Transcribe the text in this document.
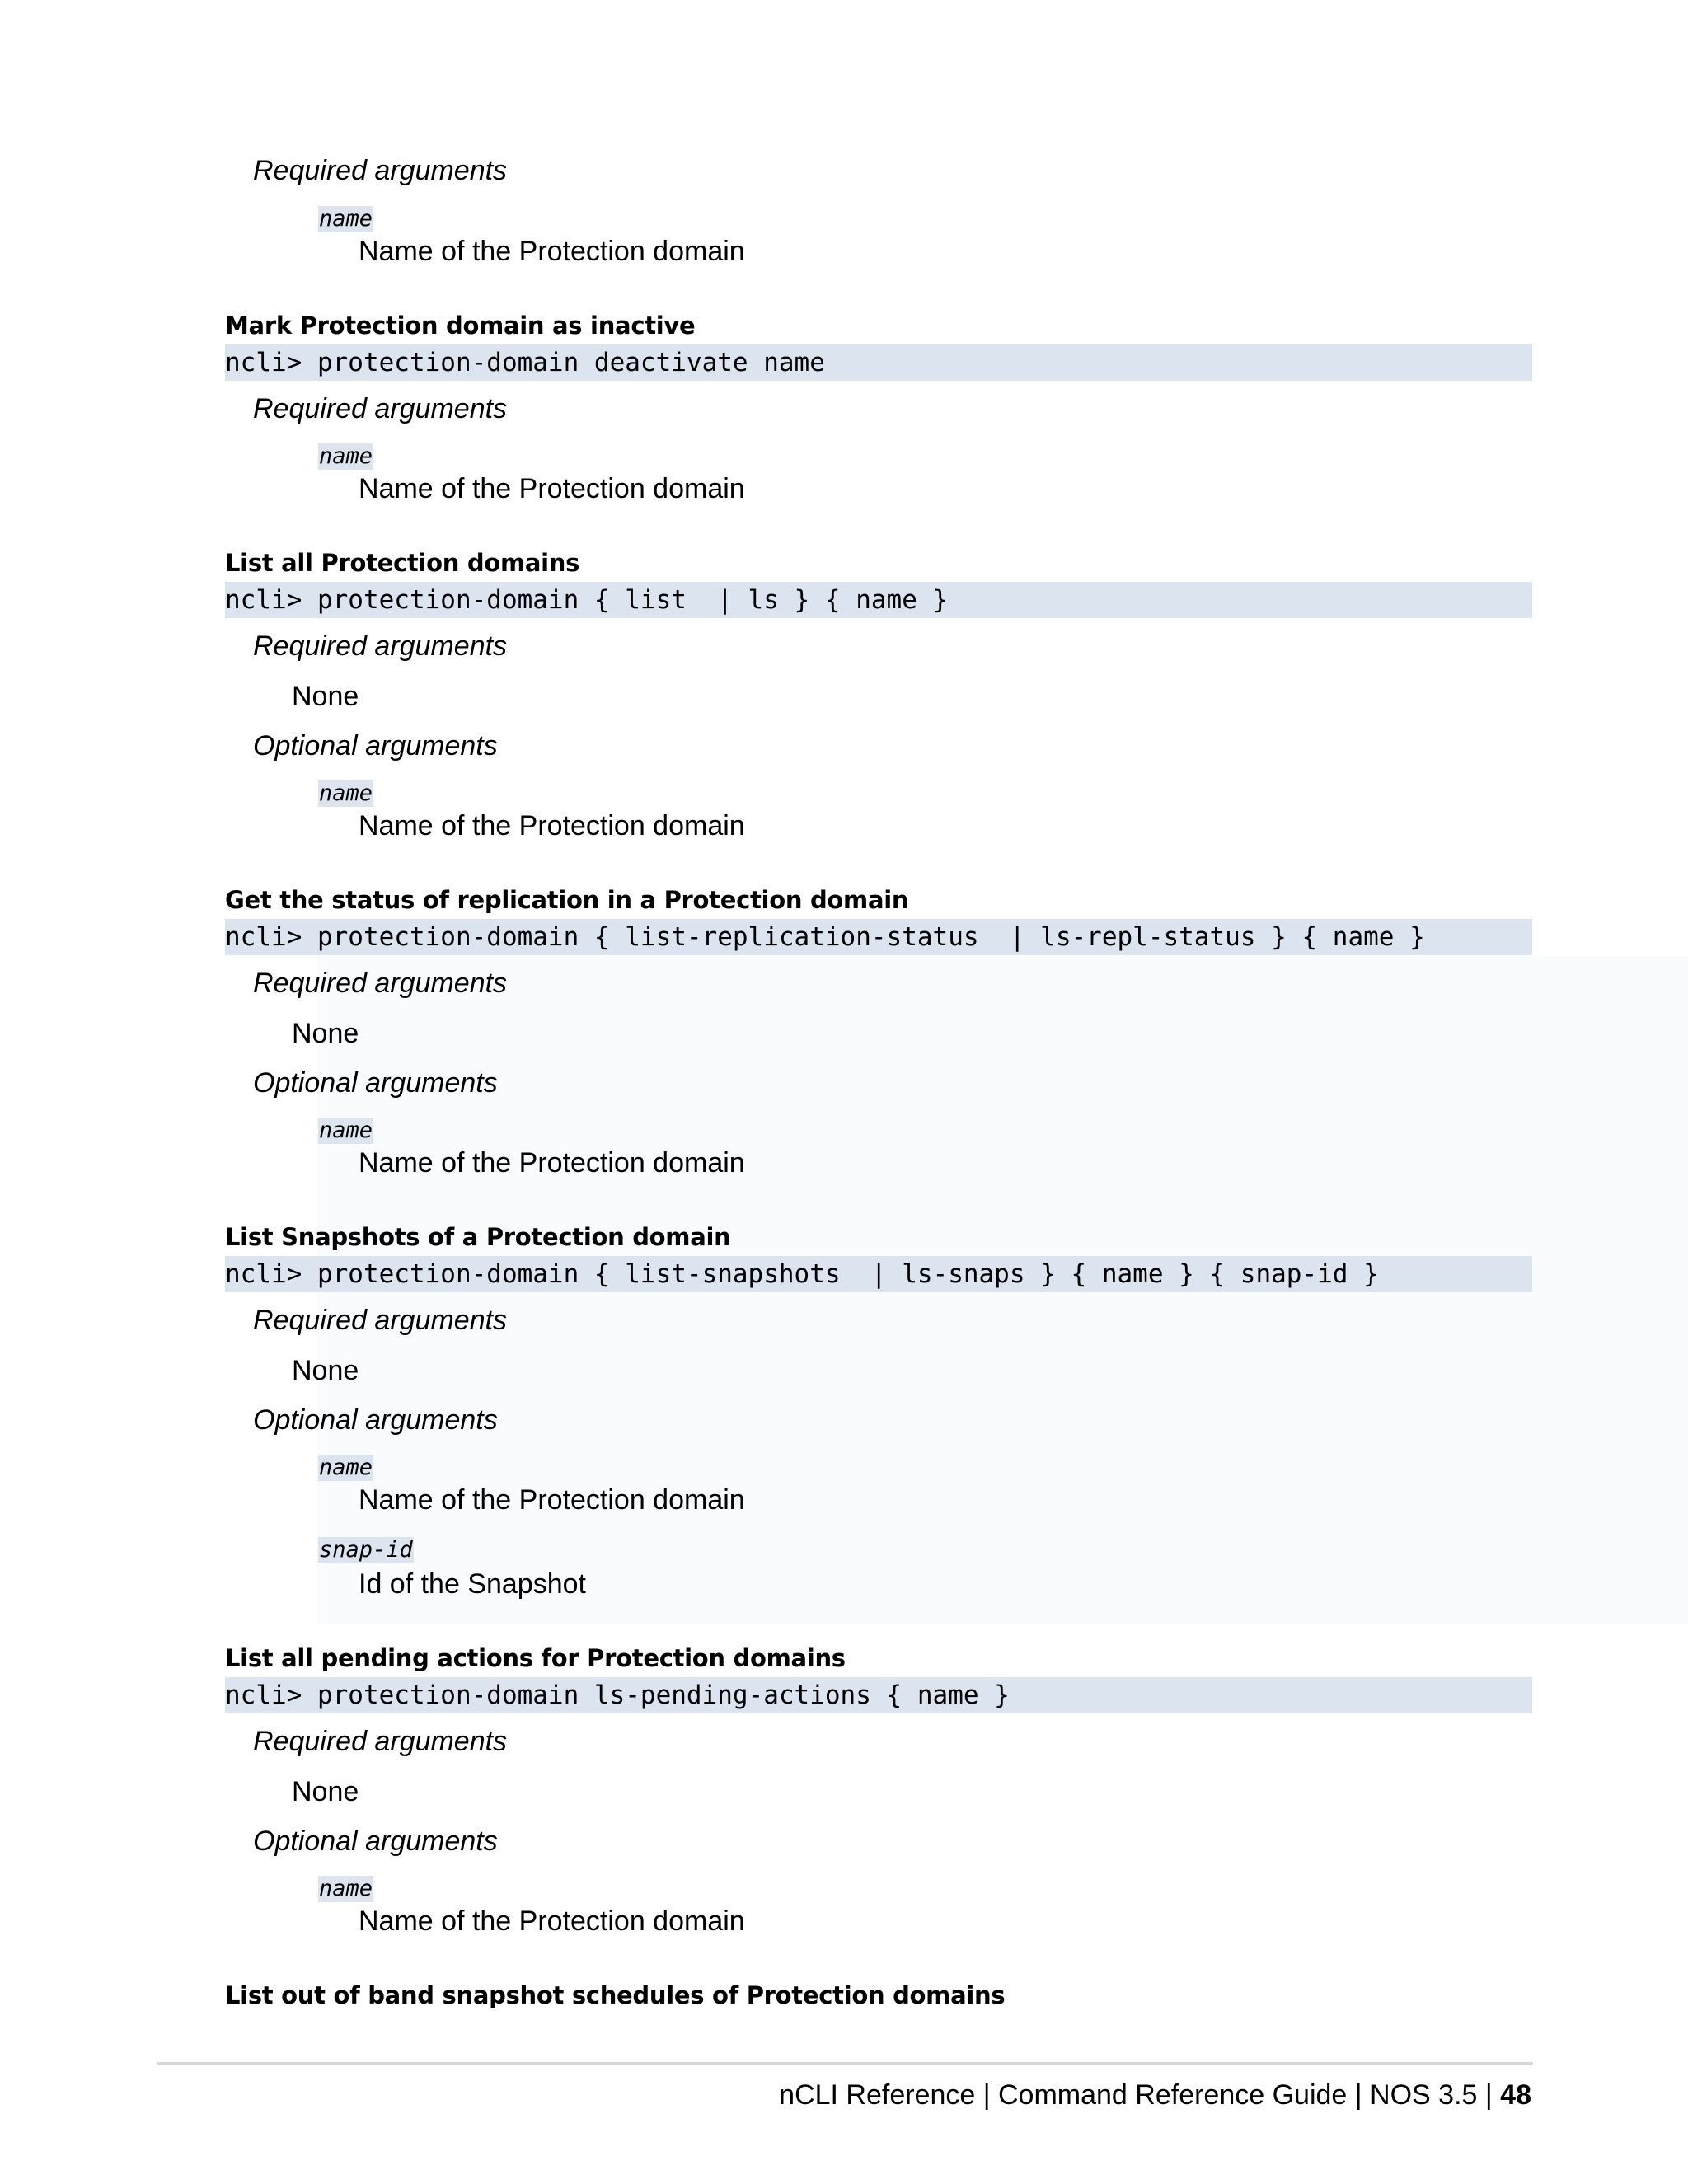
Required arguments
name
Name of the Protection domain
Mark Protection domain as inactive
ncli> protection-domain deactivate name
Required arguments
name
Name of the Protection domain
List all Protection domains
ncli> protection-domain { list  | ls } { name }
Required arguments
None
Optional arguments
name
Name of the Protection domain
Get the status of replication in a Protection domain
ncli> protection-domain { list-replication-status  | ls-repl-status } { name }
Required arguments
None
Optional arguments
name
Name of the Protection domain
List Snapshots of a Protection domain
ncli> protection-domain { list-snapshots  | ls-snaps } { name } { snap-id }
Required arguments
None
Optional arguments
name
Name of the Protection domain
snap-id
Id of the Snapshot
List all pending actions for Protection domains
ncli> protection-domain ls-pending-actions { name }
Required arguments
None
Optional arguments
name
Name of the Protection domain
List out of band snapshot schedules of Protection domains
nCLI Reference | Command Reference Guide | NOS 3.5 | 48
